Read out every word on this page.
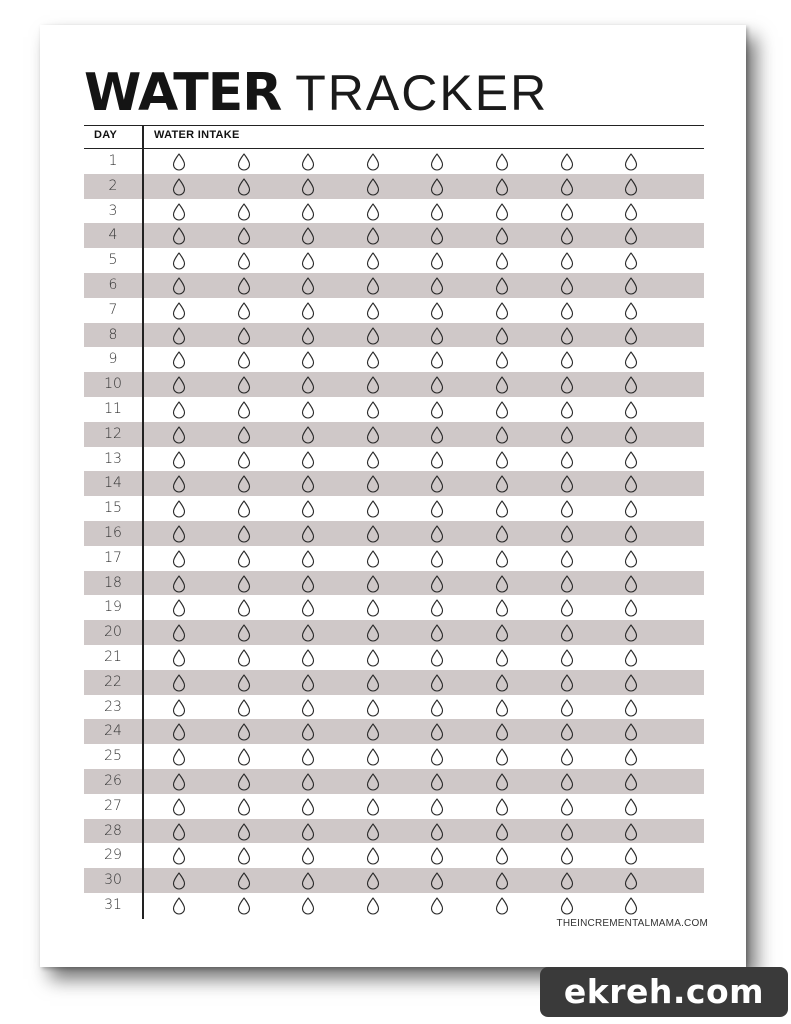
WATER TRACKER
DAY	WATER INTAKE
1
2
3
4
5
6
7
8
9
10
11
12
13
14
15
16
17
18
19
20
21
22
23
24
25
26
27
28
29
30
31
THEINCREMENTALMAMA.COM
ekreh.com
